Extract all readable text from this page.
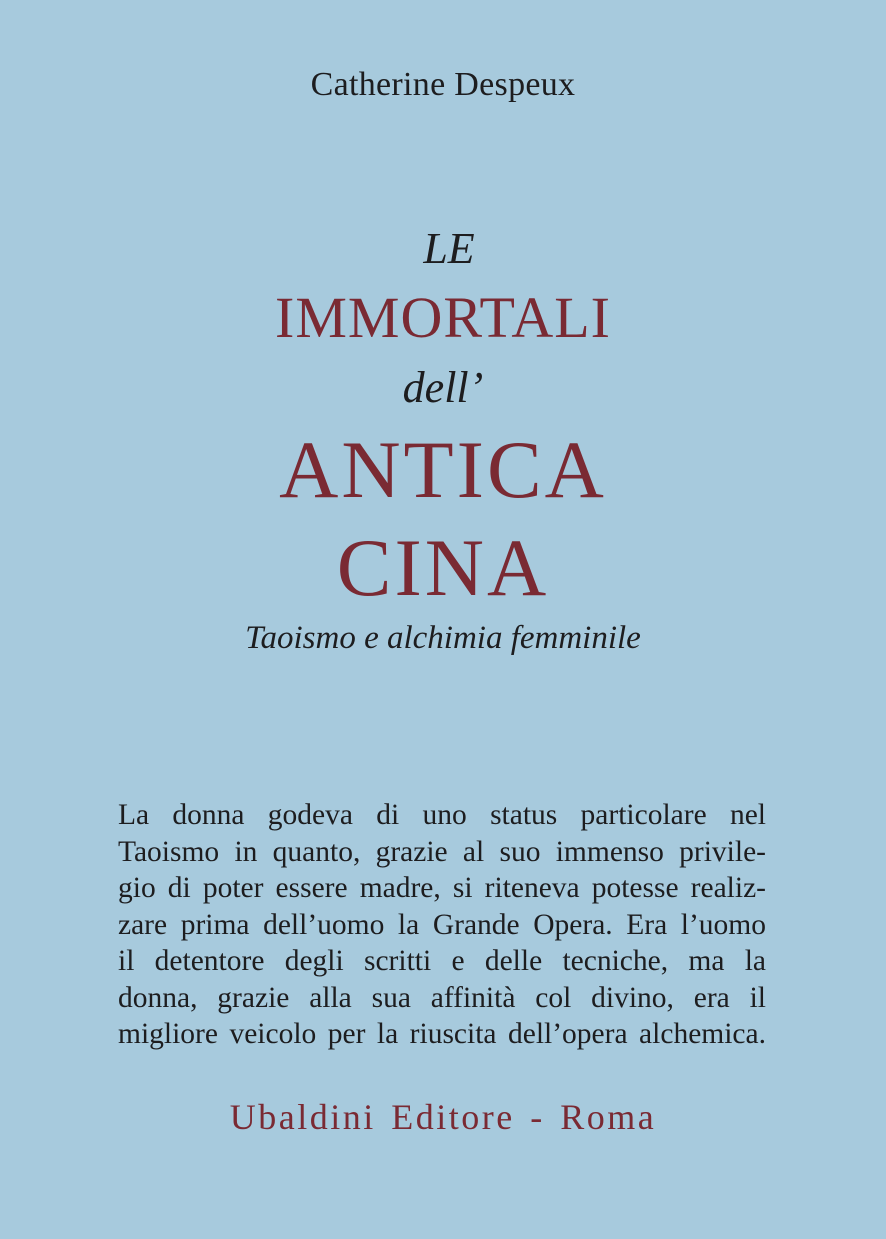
Catherine Despeux
LE
IMMORTALI
dell’
ANTICA
CINA
Taoismo e alchimia femminile
La donna godeva di uno status particolare nel
Taoismo in quanto, grazie al suo immenso privile-
gio di poter essere madre, si riteneva potesse realiz-
zare prima dell’uomo la Grande Opera. Era l’uomo
il detentore degli scritti e delle tecniche, ma la
donna, grazie alla sua affinità col divino, era il
migliore veicolo per la riuscita dell’opera alchemica.
Ubaldini Editore - Roma
